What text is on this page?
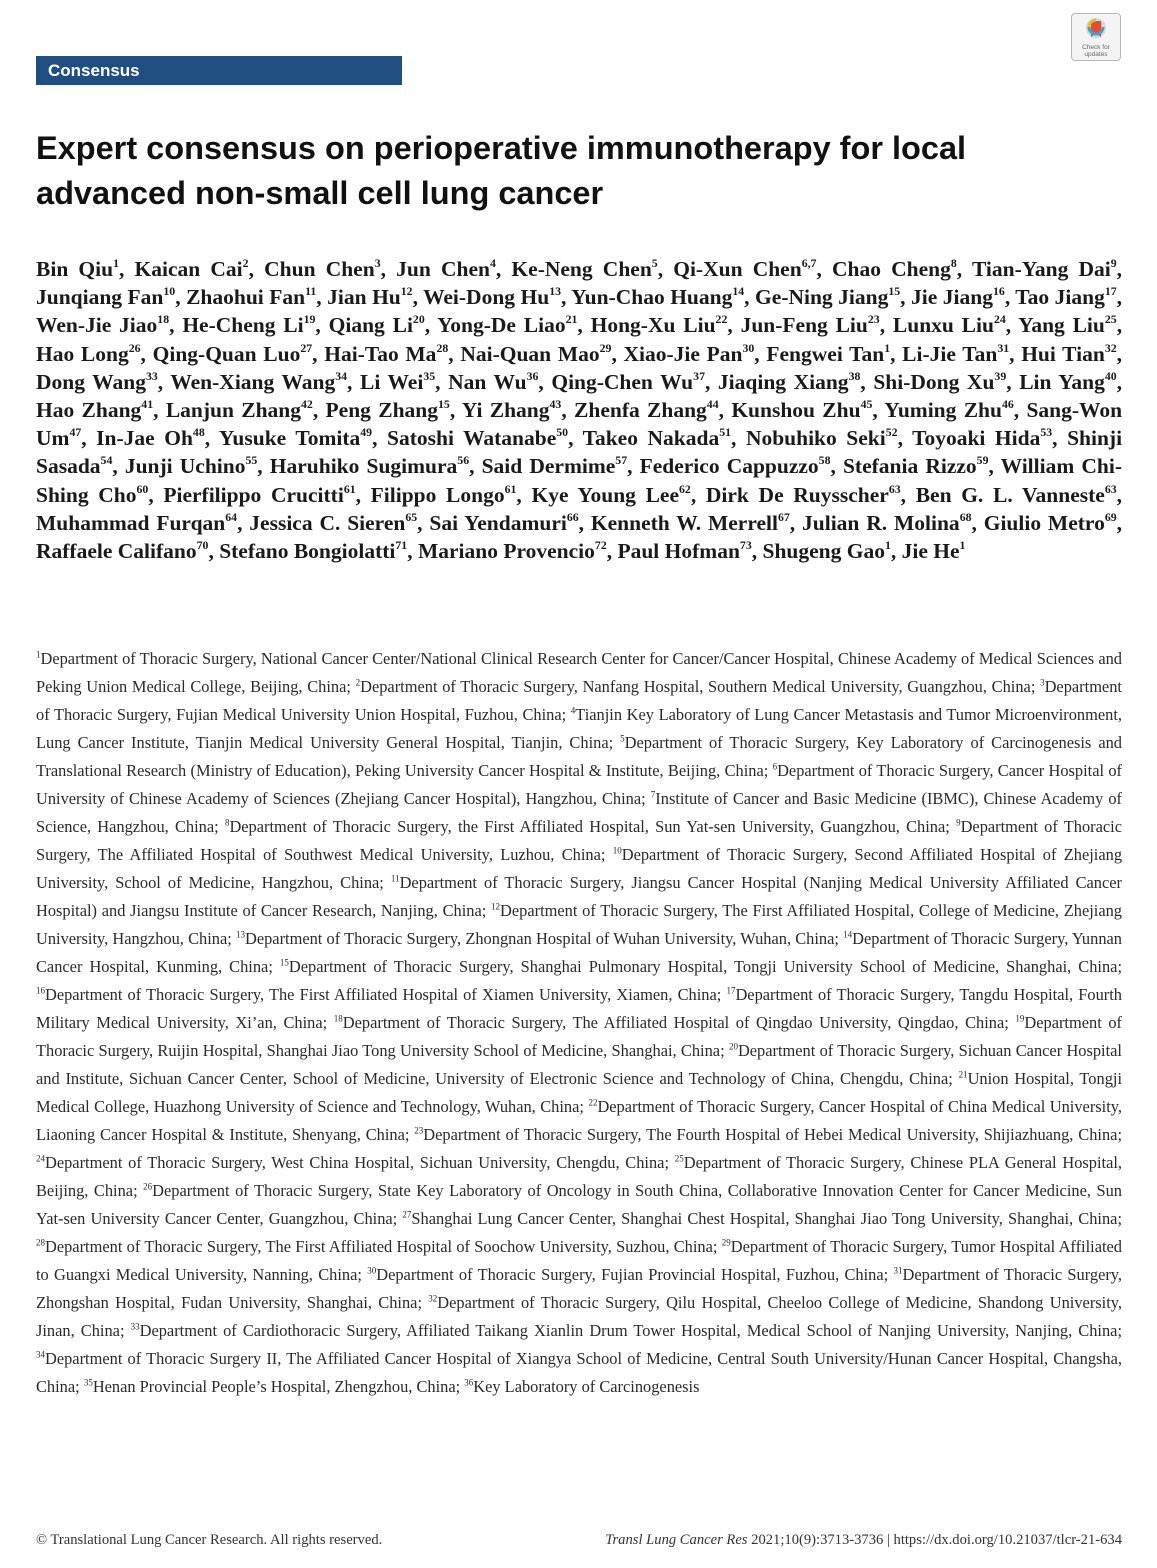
Consensus
Check for updates
Expert consensus on perioperative immunotherapy for local advanced non-small cell lung cancer
Bin Qiu$^1$, Kaican Cai$^2$, Chun Chen$^3$, Jun Chen$^4$, Ke-Neng Chen$^5$, Qi-Xun Chen$^{6,7}$, Chao Cheng$^8$, Tian-Yang Dai$^9$, Junqiang Fan$^{10}$, Zhaohui Fan$^{11}$, Jian Hu$^{12}$, Wei-Dong Hu$^{13}$, Yun-Chao Huang$^{14}$, Ge-Ning Jiang$^{15}$, Jie Jiang$^{16}$, Tao Jiang$^{17}$, Wen-Jie Jiao$^{18}$, He-Cheng Li$^{19}$, Qiang Li$^{20}$, Yong-De Liao$^{21}$, Hong-Xu Liu$^{22}$, Jun-Feng Liu$^{23}$, Lunxu Liu$^{24}$, Yang Liu$^{25}$, Hao Long$^{26}$, Qing-Quan Luo$^{27}$, Hai-Tao Ma$^{28}$, Nai-Quan Mao$^{29}$, Xiao-Jie Pan$^{30}$, Fengwei Tan$^1$, Li-Jie Tan$^{31}$, Hui Tian$^{32}$, Dong Wang$^{33}$, Wen-Xiang Wang$^{34}$, Li Wei$^{35}$, Nan Wu$^{36}$, Qing-Chen Wu$^{37}$, Jiaqing Xiang$^{38}$, Shi-Dong Xu$^{39}$, Lin Yang$^{40}$, Hao Zhang$^{41}$, Lanjun Zhang$^{42}$, Peng Zhang$^{15}$, Yi Zhang$^{43}$, Zhenfa Zhang$^{44}$, Kunshou Zhu$^{45}$, Yuming Zhu$^{46}$, Sang-Won Um$^{47}$, In-Jae Oh$^{48}$, Yusuke Tomita$^{49}$, Satoshi Watanabe$^{50}$, Takeo Nakada$^{51}$, Nobuhiko Seki$^{52}$, Toyoaki Hida$^{53}$, Shinji Sasada$^{54}$, Junji Uchino$^{55}$, Haruhiko Sugimura$^{56}$, Said Dermime$^{57}$, Federico Cappuzzo$^{58}$, Stefania Rizzo$^{59}$, William Chi-Shing Cho$^{60}$, Pierfilippo Crucitti$^{61}$, Filippo Longo$^{61}$, Kye Young Lee$^{62}$, Dirk De Ruysscher$^{63}$, Ben G. L. Vanneste$^{63}$, Muhammad Furqan$^{64}$, Jessica C. Sieren$^{65}$, Sai Yendamuri$^{66}$, Kenneth W. Merrell$^{67}$, Julian R. Molina$^{68}$, Giulio Metro$^{69}$, Raffaele Califano$^{70}$, Stefano Bongiolatti$^{71}$, Mariano Provencio$^{72}$, Paul Hofman$^{73}$, Shugeng Gao$^1$, Jie He$^1$
$^1$Department of Thoracic Surgery, National Cancer Center/National Clinical Research Center for Cancer/Cancer Hospital, Chinese Academy of Medical Sciences and Peking Union Medical College, Beijing, China; $^2$Department of Thoracic Surgery, Nanfang Hospital, Southern Medical University, Guangzhou, China; $^3$Department of Thoracic Surgery, Fujian Medical University Union Hospital, Fuzhou, China; $^4$Tianjin Key Laboratory of Lung Cancer Metastasis and Tumor Microenvironment, Lung Cancer Institute, Tianjin Medical University General Hospital, Tianjin, China; $^5$Department of Thoracic Surgery, Key Laboratory of Carcinogenesis and Translational Research (Ministry of Education), Peking University Cancer Hospital & Institute, Beijing, China; $^6$Department of Thoracic Surgery, Cancer Hospital of University of Chinese Academy of Sciences (Zhejiang Cancer Hospital), Hangzhou, China; $^7$Institute of Cancer and Basic Medicine (IBMC), Chinese Academy of Science, Hangzhou, China; $^8$Department of Thoracic Surgery, the First Affiliated Hospital, Sun Yat-sen University, Guangzhou, China; $^9$Department of Thoracic Surgery, The Affiliated Hospital of Southwest Medical University, Luzhou, China; $^{10}$Department of Thoracic Surgery, Second Affiliated Hospital of Zhejiang University, School of Medicine, Hangzhou, China; $^{11}$Department of Thoracic Surgery, Jiangsu Cancer Hospital (Nanjing Medical University Affiliated Cancer Hospital) and Jiangsu Institute of Cancer Research, Nanjing, China; $^{12}$Department of Thoracic Surgery, The First Affiliated Hospital, College of Medicine, Zhejiang University, Hangzhou, China; $^{13}$Department of Thoracic Surgery, Zhongnan Hospital of Wuhan University, Wuhan, China; $^{14}$Department of Thoracic Surgery, Yunnan Cancer Hospital, Kunming, China; $^{15}$Department of Thoracic Surgery, Shanghai Pulmonary Hospital, Tongji University School of Medicine, Shanghai, China; $^{16}$Department of Thoracic Surgery, The First Affiliated Hospital of Xiamen University, Xiamen, China; $^{17}$Department of Thoracic Surgery, Tangdu Hospital, Fourth Military Medical University, Xi’an, China; $^{18}$Department of Thoracic Surgery, The Affiliated Hospital of Qingdao University, Qingdao, China; $^{19}$Department of Thoracic Surgery, Ruijin Hospital, Shanghai Jiao Tong University School of Medicine, Shanghai, China; $^{20}$Department of Thoracic Surgery, Sichuan Cancer Hospital and Institute, Sichuan Cancer Center, School of Medicine, University of Electronic Science and Technology of China, Chengdu, China; $^{21}$Union Hospital, Tongji Medical College, Huazhong University of Science and Technology, Wuhan, China; $^{22}$Department of Thoracic Surgery, Cancer Hospital of China Medical University, Liaoning Cancer Hospital & Institute, Shenyang, China; $^{23}$Department of Thoracic Surgery, The Fourth Hospital of Hebei Medical University, Shijiazhuang, China; $^{24}$Department of Thoracic Surgery, West China Hospital, Sichuan University, Chengdu, China; $^{25}$Department of Thoracic Surgery, Chinese PLA General Hospital, Beijing, China; $^{26}$Department of Thoracic Surgery, State Key Laboratory of Oncology in South China, Collaborative Innovation Center for Cancer Medicine, Sun Yat-sen University Cancer Center, Guangzhou, China; $^{27}$Shanghai Lung Cancer Center, Shanghai Chest Hospital, Shanghai Jiao Tong University, Shanghai, China; $^{28}$Department of Thoracic Surgery, The First Affiliated Hospital of Soochow University, Suzhou, China; $^{29}$Department of Thoracic Surgery, Tumor Hospital Affiliated to Guangxi Medical University, Nanning, China; $^{30}$Department of Thoracic Surgery, Fujian Provincial Hospital, Fuzhou, China; $^{31}$Department of Thoracic Surgery, Zhongshan Hospital, Fudan University, Shanghai, China; $^{32}$Department of Thoracic Surgery, Qilu Hospital, Cheeloo College of Medicine, Shandong University, Jinan, China; $^{33}$Department of Cardiothoracic Surgery, Affiliated Taikang Xianlin Drum Tower Hospital, Medical School of Nanjing University, Nanjing, China; $^{34}$Department of Thoracic Surgery II, The Affiliated Cancer Hospital of Xiangya School of Medicine, Central South University/Hunan Cancer Hospital, Changsha, China; $^{35}$Henan Provincial People’s Hospital, Zhengzhou, China; $^{36}$Key Laboratory of Carcinogenesis
© Translational Lung Cancer Research. All rights reserved.	Transl Lung Cancer Res 2021;10(9):3713-3736 | https://dx.doi.org/10.21037/tlcr-21-634
